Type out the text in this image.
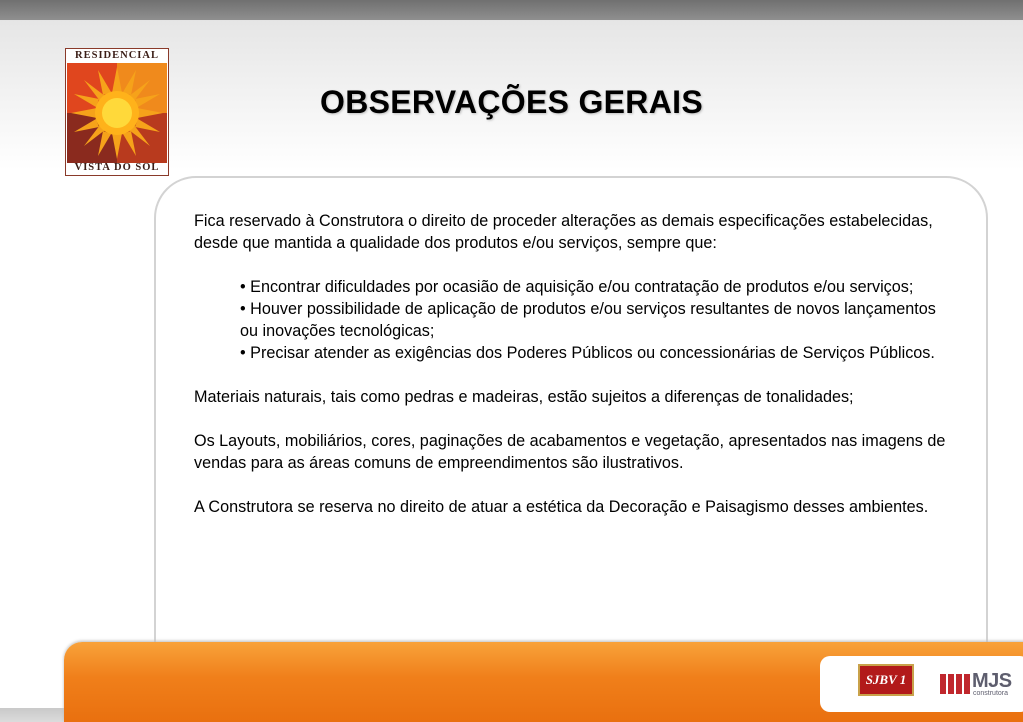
RESIDENCIAL
VISTA DO SOL
OBSERVAÇÕES GERAIS

Fica reservado à Construtora o direito de proceder alterações as demais especificações estabelecidas, desde que mantida a qualidade dos produtos e/ou serviços, sempre que:

• Encontrar dificuldades por ocasião de aquisição e/ou contratação de produtos e/ou serviços;
• Houver possibilidade de aplicação de produtos e/ou serviços resultantes de novos lançamentos ou inovações tecnológicas;
• Precisar atender as exigências dos Poderes Públicos ou concessionárias de Serviços Públicos.

Materiais naturais, tais como pedras e madeiras, estão sujeitos a diferenças de tonalidades;

Os Layouts, mobiliários, cores, paginações de acabamentos e vegetação, apresentados nas imagens de vendas para as áreas comuns de empreendimentos são ilustrativos.

A Construtora se reserva no direito de atuar a estética da Decoração e Paisagismo desses ambientes.

SJBV 1	MJS
construtora
